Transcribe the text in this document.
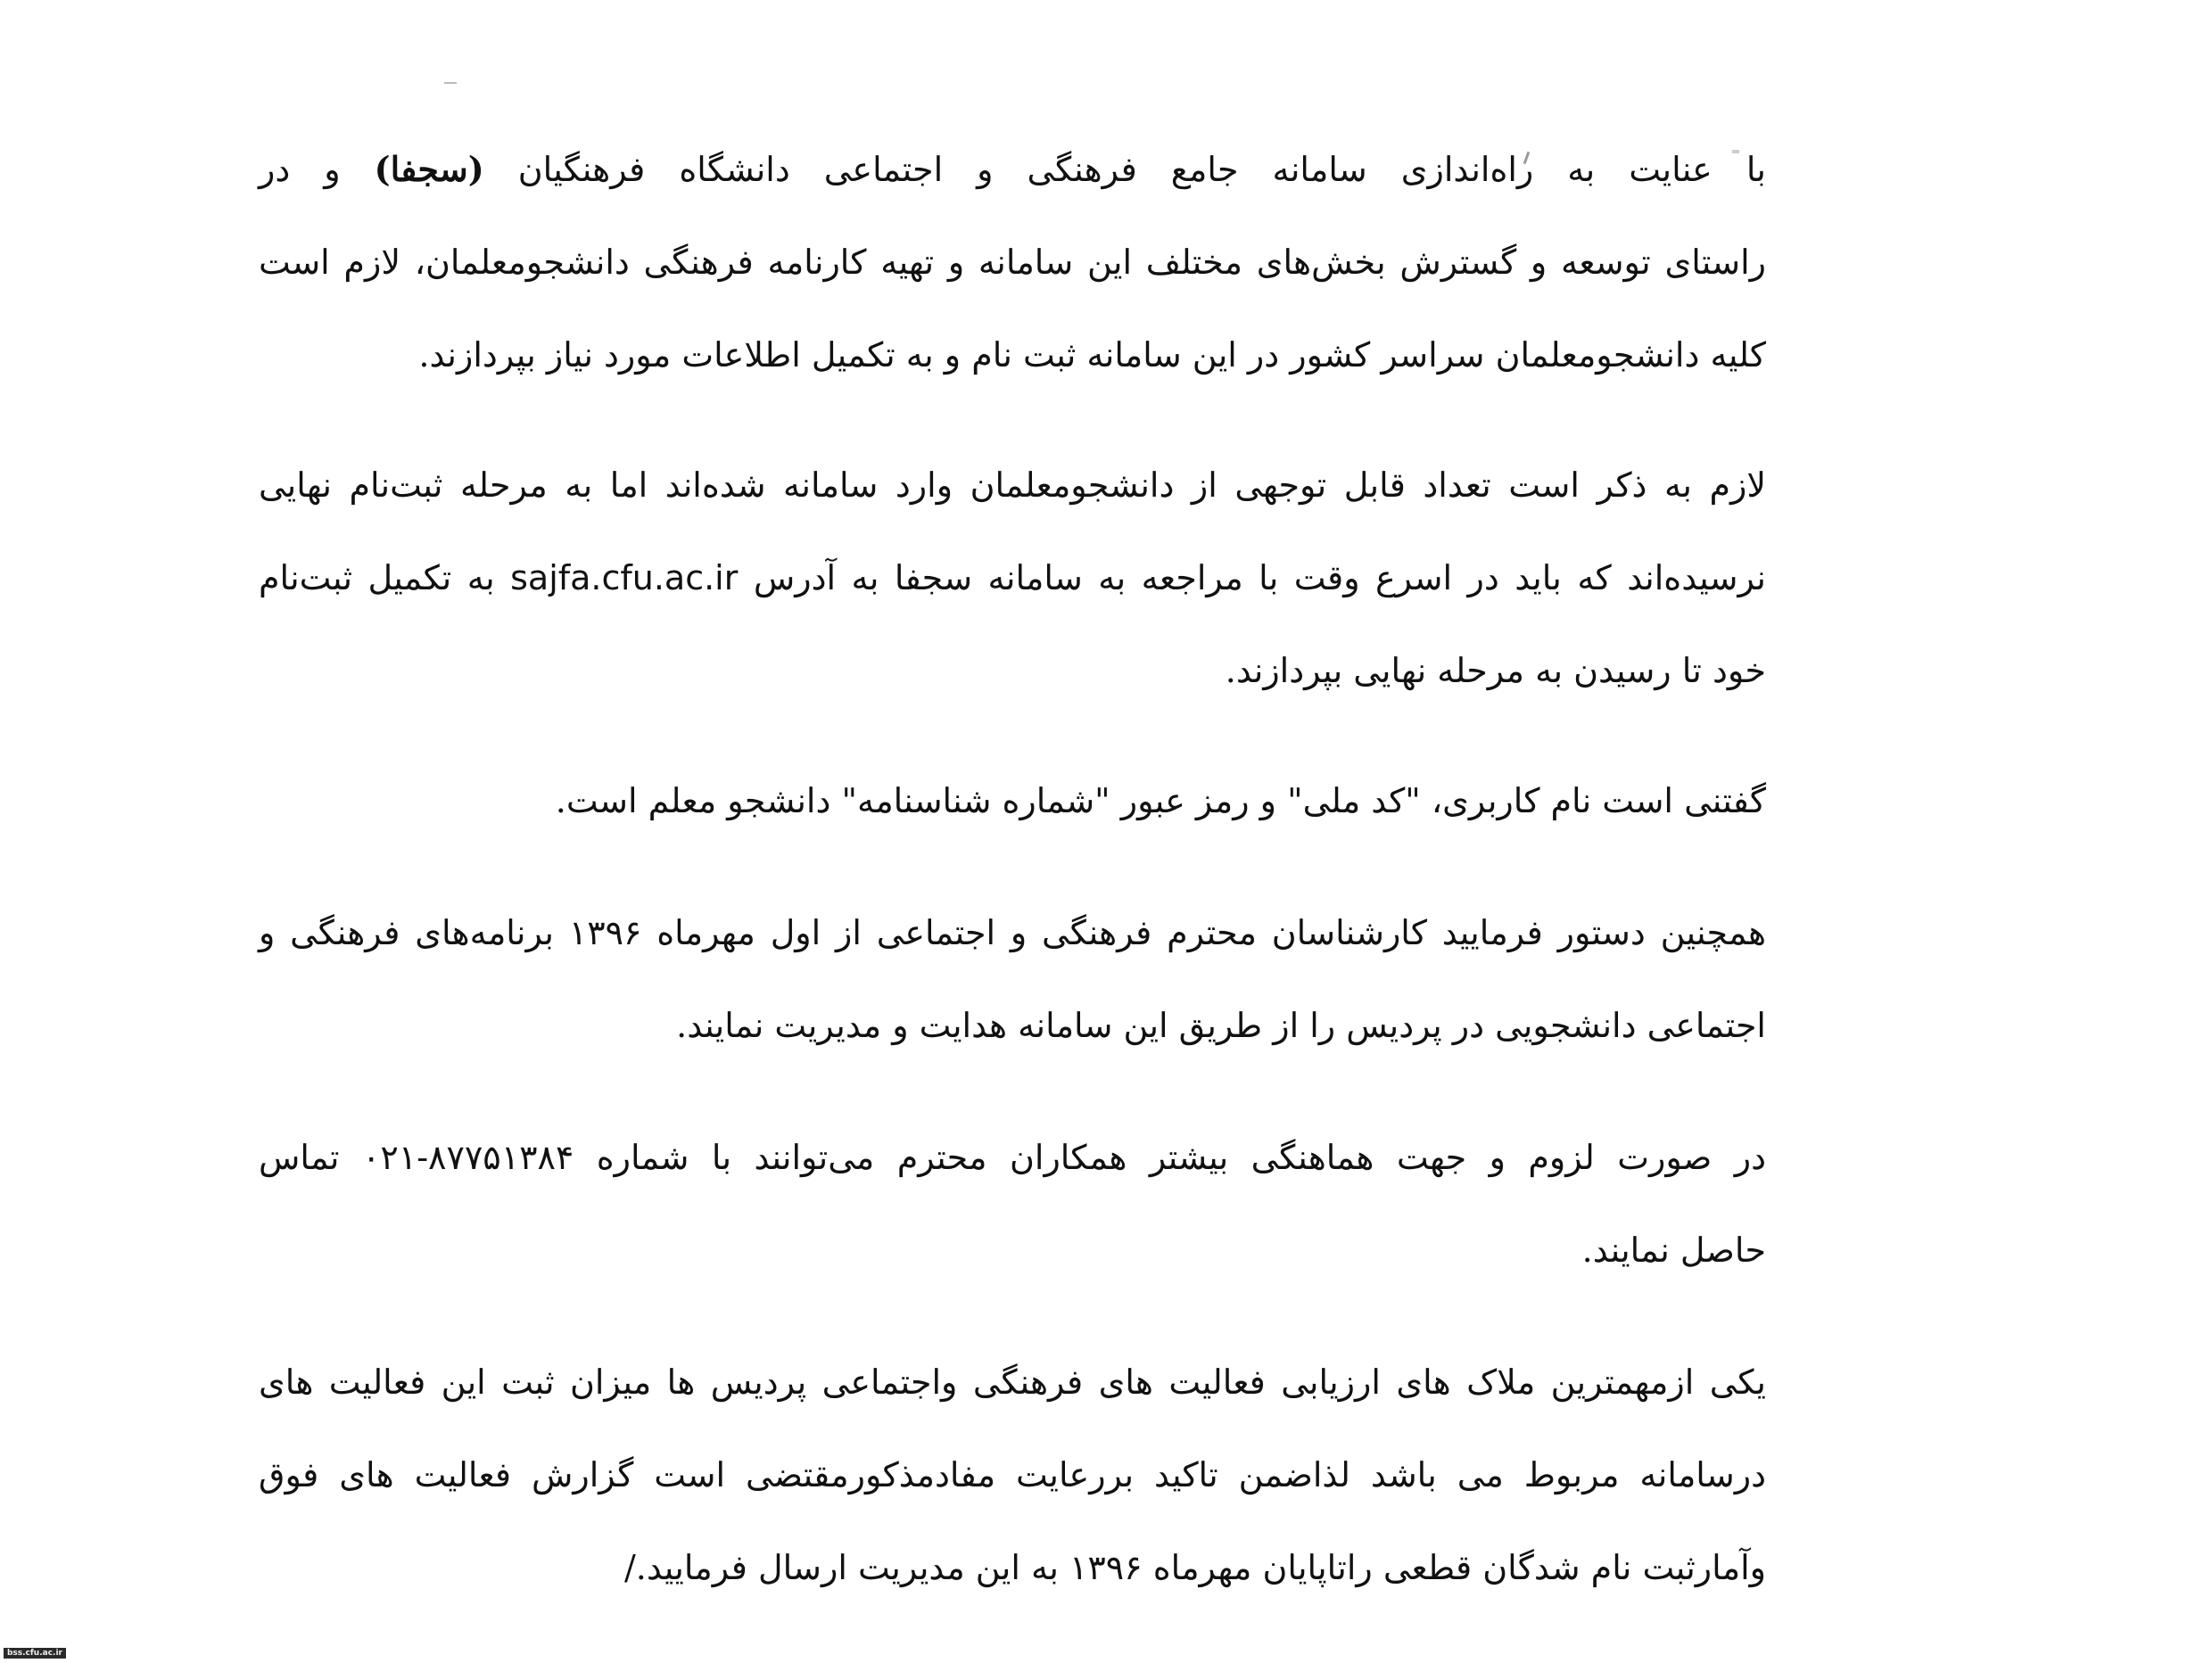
با عنایت به راه‌اندازی سامانه جامع فرهنگی و اجتماعی دانشگاه فرهنگیان (سجفا) و در
راستای توسعه و گسترش بخش‌های مختلف این سامانه و تهیه کارنامه فرهنگی دانشجومعلمان، لازم است
کلیه دانشجومعلمان سراسر کشور در این سامانه ثبت نام و به تکمیل اطلاعات مورد نیاز بپردازند.
لازم به ذکر است تعداد قابل توجهی از دانشجومعلمان وارد سامانه شده‌اند اما به مرحله ثبت‌نام نهایی
نرسیده‌اند که باید در اسرع وقت با مراجعه به سامانه سجفا به آدرس sajfa.cfu.ac.ir به تکمیل ثبت‌نام
خود تا رسیدن به مرحله نهایی بپردازند.
گفتنی است نام کاربری، "کد ملی" و رمز عبور "شماره شناسنامه" دانشجو معلم است.
همچنین دستور فرمایید کارشناسان محترم فرهنگی و اجتماعی از اول مهرماه ۱۳۹۶ برنامه‌های فرهنگی و
اجتماعی دانشجویی در پردیس را از طریق این سامانه هدایت و مدیریت نمایند.
در صورت لزوم و جهت هماهنگی بیشتر همکاران محترم می‌توانند با شماره ۸۷۷۵۱۳۸۴-۰۲۱ تماس
حاصل نمایند.
یکی ازمهمترین ملاک های ارزیابی فعالیت های فرهنگی واجتماعی پردیس ها میزان ثبت این فعالیت های
درسامانه مربوط می باشد لذاضمن تاکید بررعایت مفادمذکورمقتضی است گزارش فعالیت های فوق
وآمارثبت نام شدگان قطعی راتاپایان مهرماه ۱۳۹۶ به این مدیریت ارسال فرمایید./
bss.cfu.ac.ir
